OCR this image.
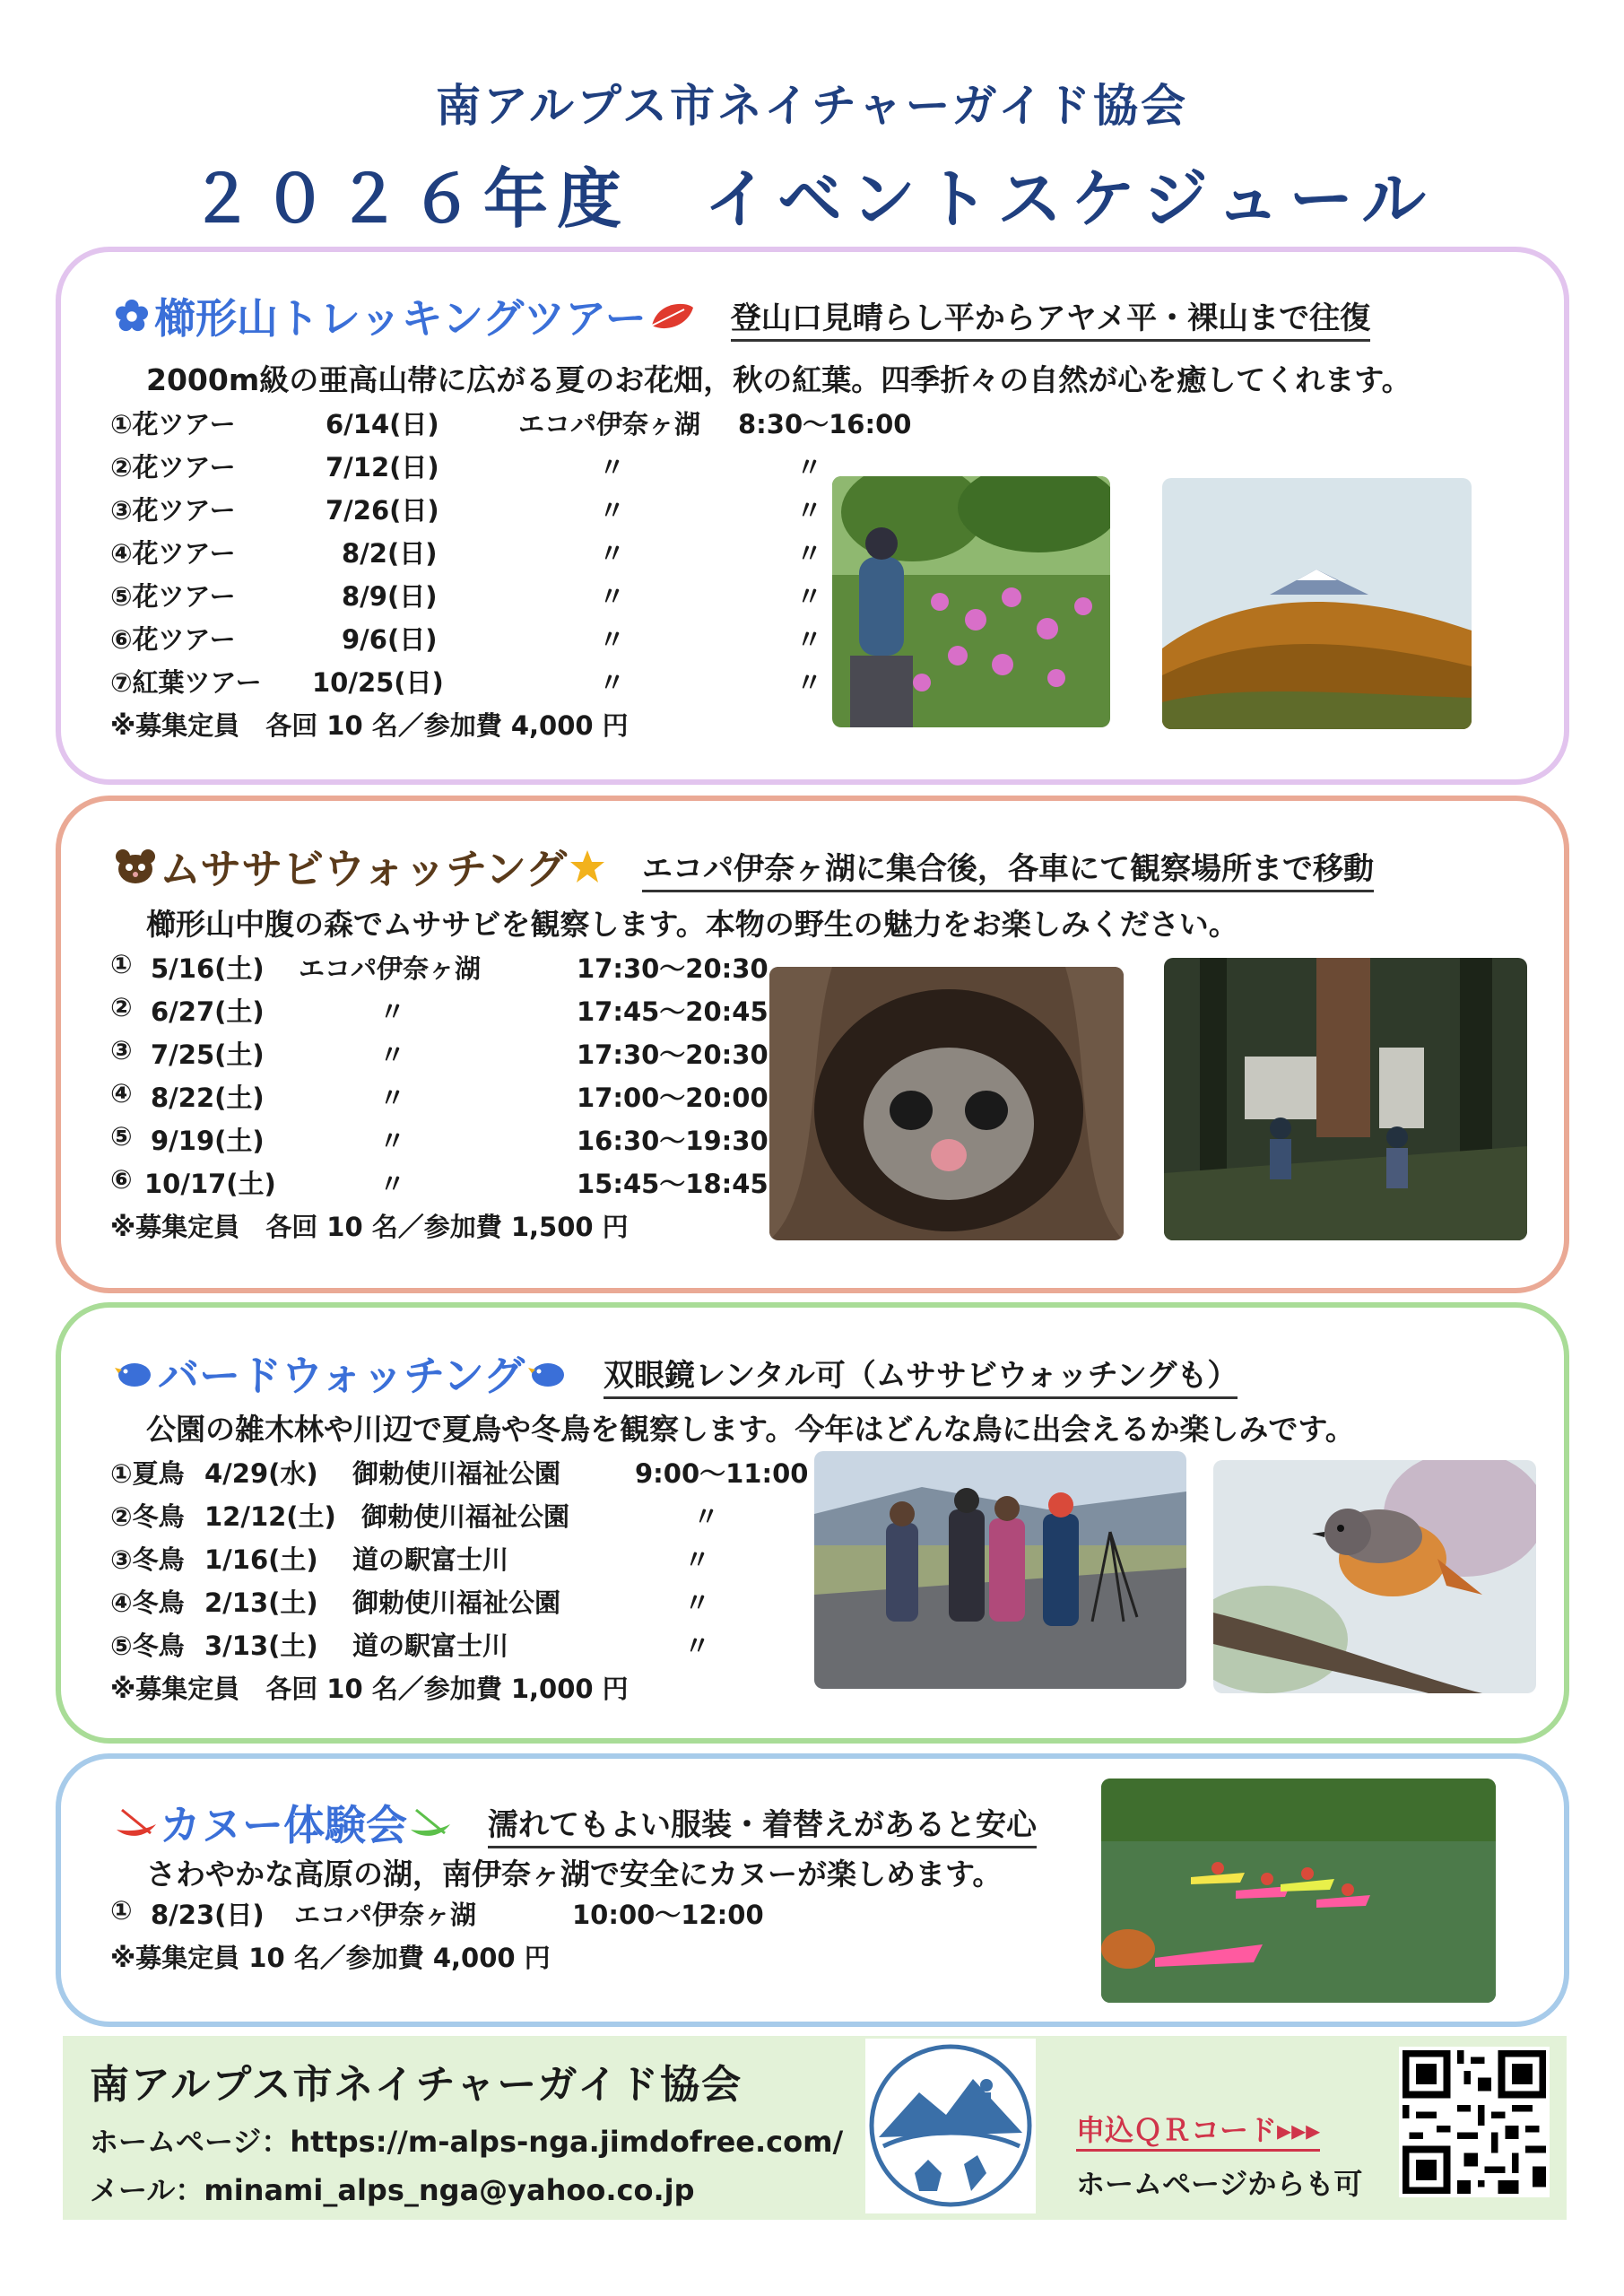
南アルプス市ネイチャーガイド協会
２０２６年度　イベントスケジュール
櫛形山トレッキングツアー	登山口見晴らし平からアヤメ平・裸山まで往復
2000m級の亜高山帯に広がる夏のお花畑，秋の紅葉。四季折々の自然が心を癒してくれます。
①花ツアー	6/14(日)	エコパ伊奈ヶ湖 8:30～16:00
②花ツアー	7/12(日)	〃	〃
③花ツアー	7/26(日)	〃	〃
④花ツアー	8/2(日)	〃	〃
⑤花ツアー	8/9(日)	〃	〃
⑥花ツアー	9/6(日)	〃	〃
⑦紅葉ツアー 10/25(日)	〃	〃
※募集定員　各回 10 名／参加費 4,000 円
ムササビウォッチング エコパ伊奈ヶ湖に集合後，各車にて観察場所まで移動
櫛形山中腹の森でムササビを観察します。本物の野生の魅力をお楽しみください。
① 5/16(土) エコパ伊奈ヶ湖	17:30～20:30
② 6/27(土)	〃	17:45～20:45
③ 7/25(土)	〃	17:30～20:30
④ 8/22(土)	〃	17:00～20:00
⑤ 9/19(土)	〃	16:30～19:30
⑥ 10/17(土)	〃	15:45～18:45
※募集定員　各回 10 名／参加費 1,500 円
バードウォッチング	双眼鏡レンタル可（ムササビウォッチングも）
公園の雑木林や川辺で夏鳥や冬鳥を観察します。今年はどんな鳥に出会えるか楽しみです。
①夏鳥 4/29(水) 御勅使川福祉公園	9:00～11:00
②冬鳥 12/12(土) 御勅使川福祉公園	〃
③冬鳥 1/16(土) 道の駅富士川	〃
④冬鳥 2/13(土) 御勅使川福祉公園	〃
⑤冬鳥 3/13(土) 道の駅富士川	〃
※募集定員　各回 10 名／参加費 1,000 円
カヌー体験会	濡れてもよい服装・着替えがあると安心
さわやかな高原の湖，南伊奈ヶ湖で安全にカヌーが楽しめます。
① 8/23(日) エコパ伊奈ヶ湖	10:00～12:00
※募集定員 10 名／参加費 4,000 円
南アルプス市ネイチャーガイド協会
ホームページ：https://m-alps-nga.jimdofree.com/
メール：minami_alps_nga@yahoo.co.jp
申込ＱＲコード▸▸▸
ホームページからも可
